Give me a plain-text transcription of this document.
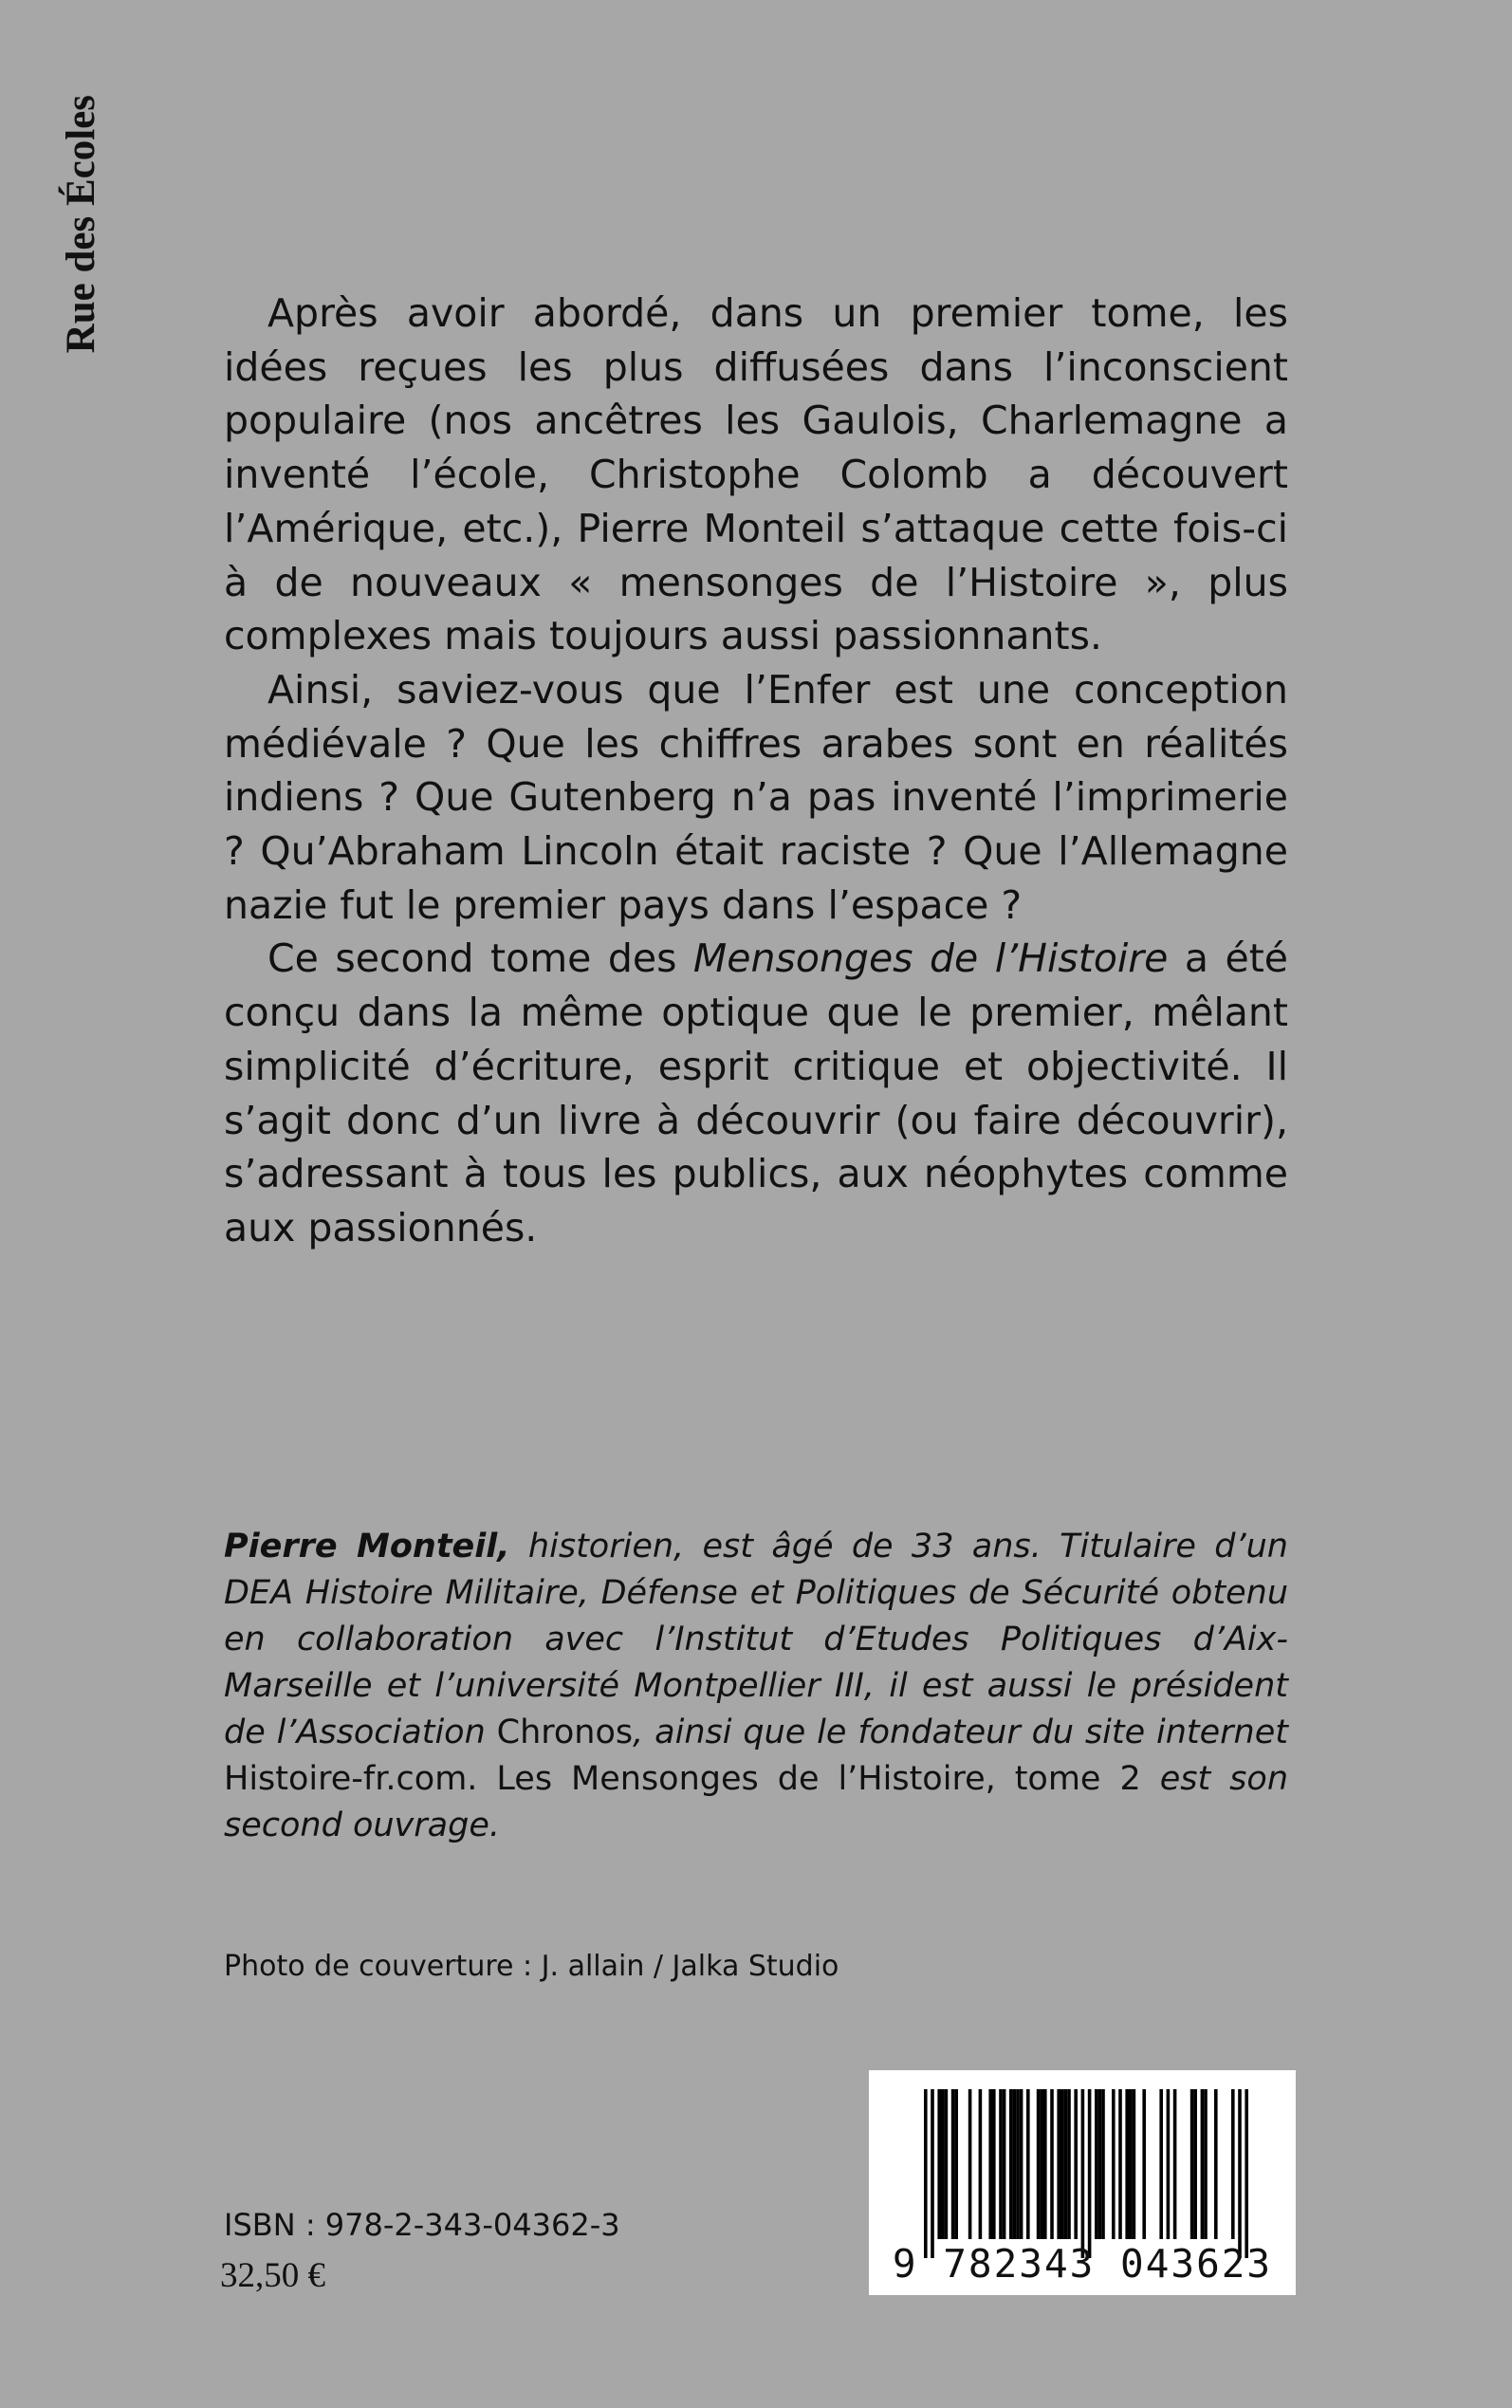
Rue des Écoles	Après avoir abordé, dans un premier tome, les idées reçues les plus diffusées dans l’inconscient populaire (nos ancêtres les Gaulois, Charlemagne a inventé l’école, Christophe Colomb a découvert l’Amérique, etc.), Pierre Monteil s’attaque cette fois-ci à de nouveaux « mensonges de l’Histoire », plus complexes mais toujours aussi passionnants.

Ainsi, saviez-vous que l’Enfer est une conception médiévale ? Que les chiffres arabes sont en réalités indiens ? Que Gutenberg n’a pas inventé l’imprimerie ? Qu’Abraham Lincoln était raciste ? Que l’Allemagne nazie fut le premier pays dans l’espace ?

Ce second tome des Mensonges de l’Histoire a été conçu dans la même optique que le premier, mêlant simplicité d’écriture, esprit critique et objectivité. Il s’agit donc d’un livre à découvrir (ou faire découvrir), s’adressant à tous les publics, aux néophytes comme aux passionnés.

Pierre Monteil, historien, est âgé de 33 ans. Titulaire d’un DEA Histoire Militaire, Défense et Politiques de Sécurité obtenu en collaboration avec l’Institut d’Etudes Politiques d’Aix-Marseille et l’université Montpellier III, il est aussi le président de l’Association Chronos, ainsi que le fondateur du site internet Histoire-fr.com. Les Mensonges de l’Histoire, tome 2 est son second ouvrage.

Photo de couverture : J. allain / Jalka Studio
ISBN : 978-2-343-04362-3
32,50 €	9 782343 043623
